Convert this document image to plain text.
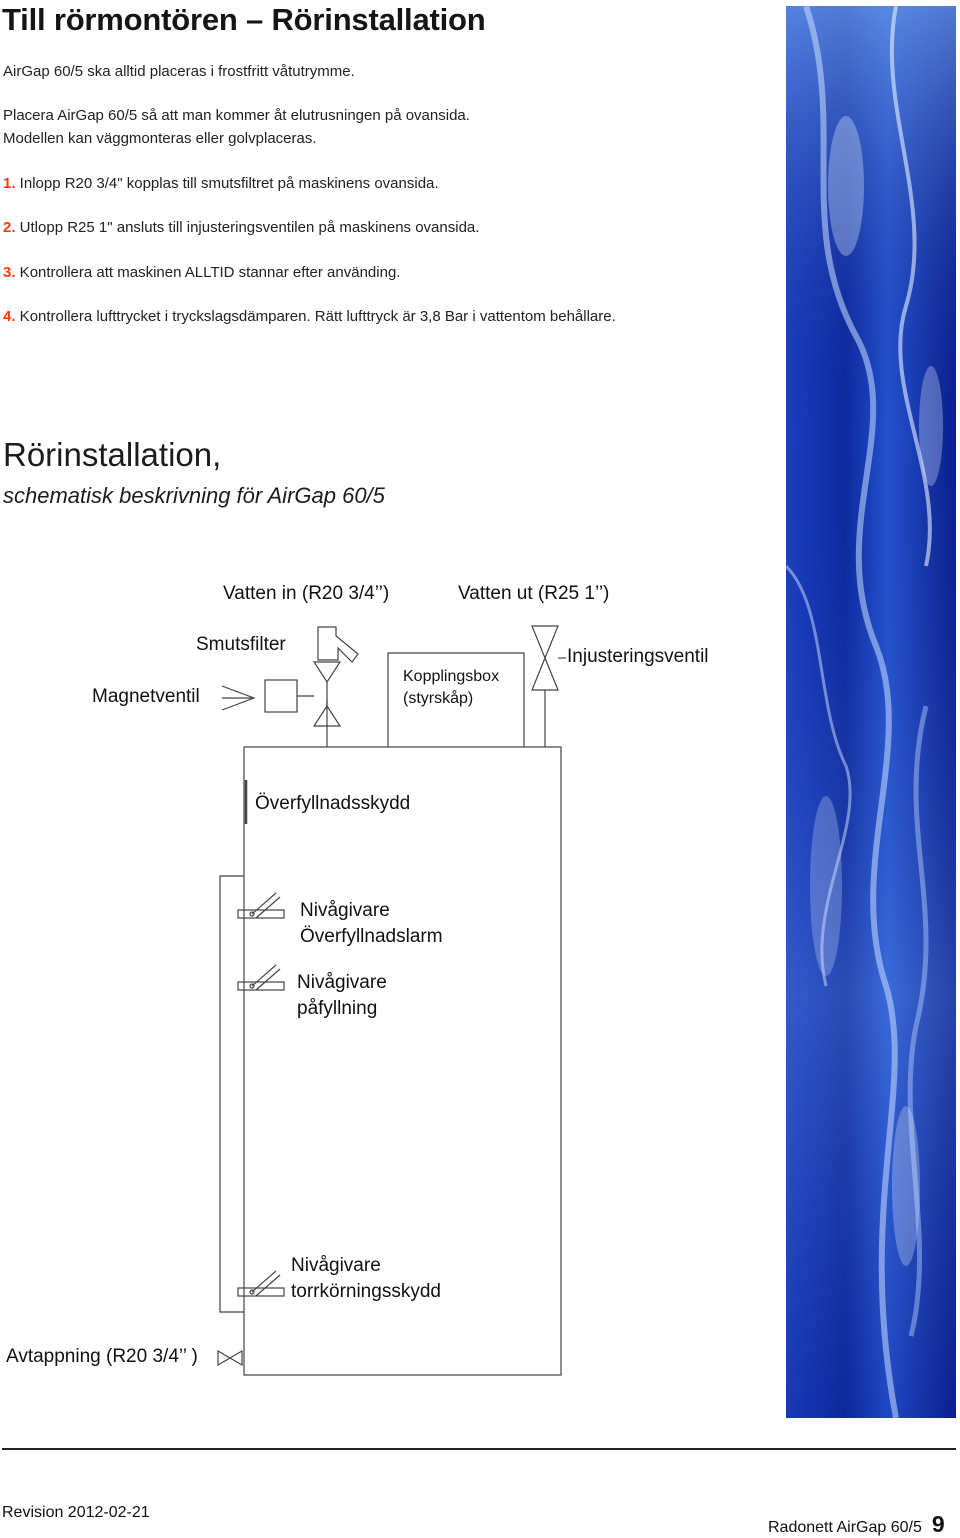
Till rörmontören – Rörinstallation
AirGap 60/5 ska alltid placeras i frostfritt våtutrymme.
Placera AirGap 60/5 så att man kommer åt elutrusningen på ovansida.
Modellen kan väggmonteras eller golvplaceras.
1. Inlopp R20 3/4" kopplas till smutsfiltret på maskinens ovansida.
2. Utlopp R25 1" ansluts till injusteringsventilen på maskinens ovansida.
3. Kontrollera att maskinen ALLTID stannar efter använding.
4. Kontrollera lufttrycket i tryckslagsdämparen. Rätt lufttryck är 3,8 Bar i vattentom behållare.
Rörinstallation,
schematisk beskrivning för AirGap 60/5
Vatten in (R20 3/4’’)	Vatten ut (R25 1’’)
Smutsfilter
Injusteringsventil
Magnetventil
Kopplingsbox
(styrskåp)
Överfyllnadsskydd
Nivågivare
Överfyllnadslarm
Nivågivare
påfyllning
Nivågivare
torrkörningsskydd
Avtappning (R20 3/4’’ )
Revision 2012-02-21
Radonett AirGap 60/5 9
